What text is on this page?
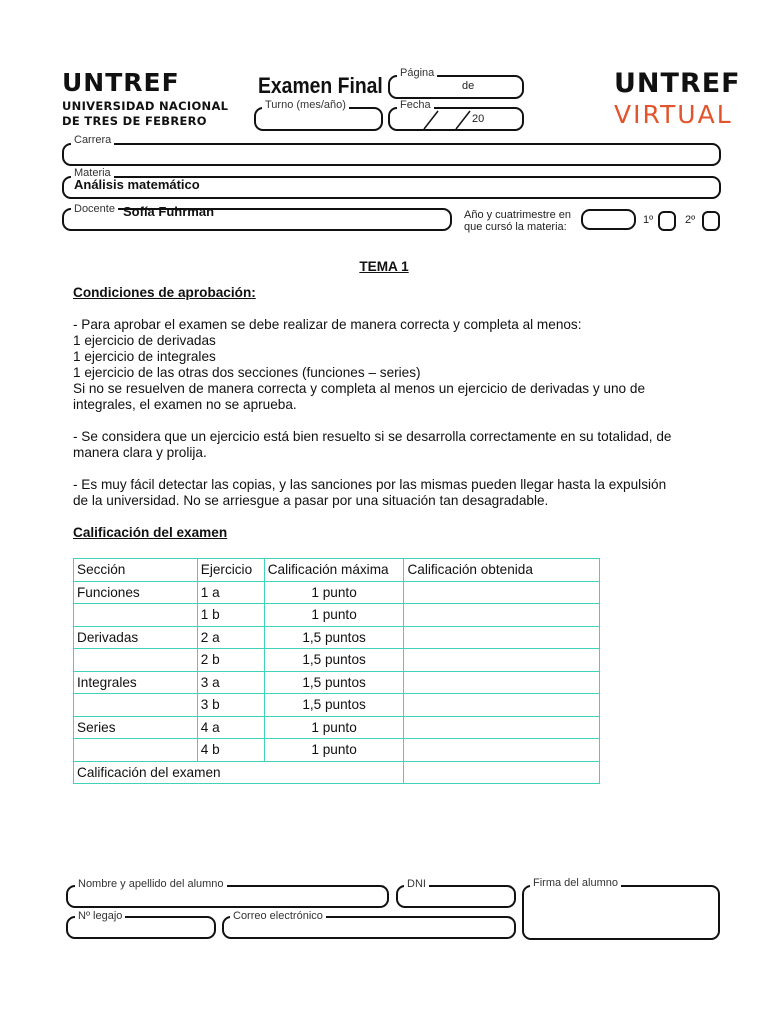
UNTREF
UNIVERSIDAD NACIONAL
DE TRES DE FEBRERO
Examen Final Página
de
Turno (mes/año)	Fecha
20
UNTREF
VIRTUAL
Carrera
Materia
Análisis matemático
Docente Sofía Fuhrman	Año y cuatrimestre en
que cursó la materia:
1º	2º
TEMA 1
Condiciones de aprobación:
- Para aprobar el examen se debe realizar de manera correcta y completa al menos:
1 ejercicio de derivadas
1 ejercicio de integrales
1 ejercicio de las otras dos secciones (funciones – series)
Si no se resuelven de manera correcta y completa al menos un ejercicio de derivadas y uno de
integrales, el examen no se aprueba.
- Se considera que un ejercicio está bien resuelto si se desarrolla correctamente en su totalidad, de
manera clara y prolija.
- Es muy fácil detectar las copias, y las sanciones por las mismas pueden llegar hasta la expulsión
de la universidad. No se arriesgue a pasar por una situación tan desagradable.
Calificación del examen
Sección	Ejercicio	Calificación máxima	Calificación obtenida
Funciones	1 a	1 punto	
	1 b	1 punto	
Derivadas	2 a	1,5 puntos	
	2 b	1,5 puntos	
Integrales	3 a	1,5 puntos	
	3 b	1,5 puntos	
Series	4 a	1 punto	
	4 b	1 punto	
Calificación del examen			
Nombre y apellido del alumno	DNI	Firma del alumno
Nº legajo	Correo electrónico
